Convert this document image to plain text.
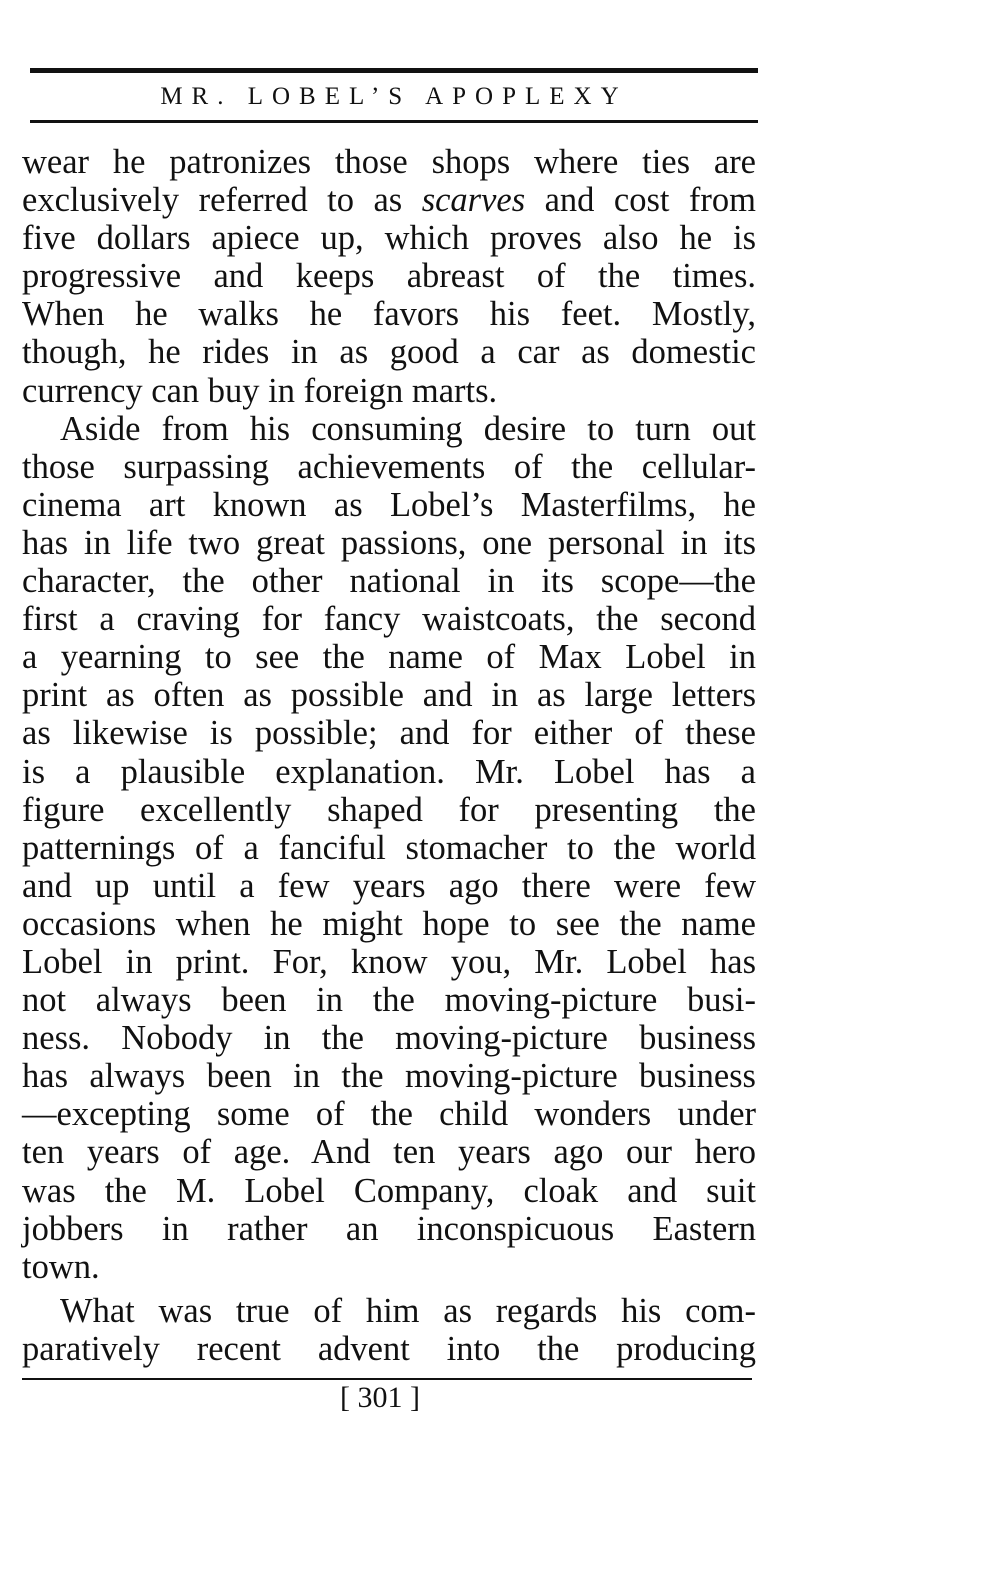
MR. LOBEL’S APOPLEXY
wear he patronizes those shops where ties are
exclusively referred to as scarves and cost from
five dollars apiece up, which proves also he is
progressive and keeps abreast of the times.
When he walks he favors his feet. Mostly,
though, he rides in as good a car as domestic
currency can buy in foreign marts.
Aside from his consuming desire to turn out
those surpassing achievements of the cellular-
cinema art known as Lobel’s Masterfilms, he
has in life two great passions, one personal in its
character, the other national in its scope—the
first a craving for fancy waistcoats, the second
a yearning to see the name of Max Lobel in
print as often as possible and in as large letters
as likewise is possible; and for either of these
is a plausible explanation. Mr. Lobel has a
figure excellently shaped for presenting the
patternings of a fanciful stomacher to the world
and up until a few years ago there were few
occasions when he might hope to see the name
Lobel in print. For, know you, Mr. Lobel has
not always been in the moving-picture busi-
ness. Nobody in the moving-picture business
has always been in the moving-picture business
—excepting some of the child wonders under
ten years of age. And ten years ago our hero
was the M. Lobel Company, cloak and suit
jobbers in rather an inconspicuous Eastern
town.
What was true of him as regards his com-
paratively recent advent into the producing
[ 301 ]
